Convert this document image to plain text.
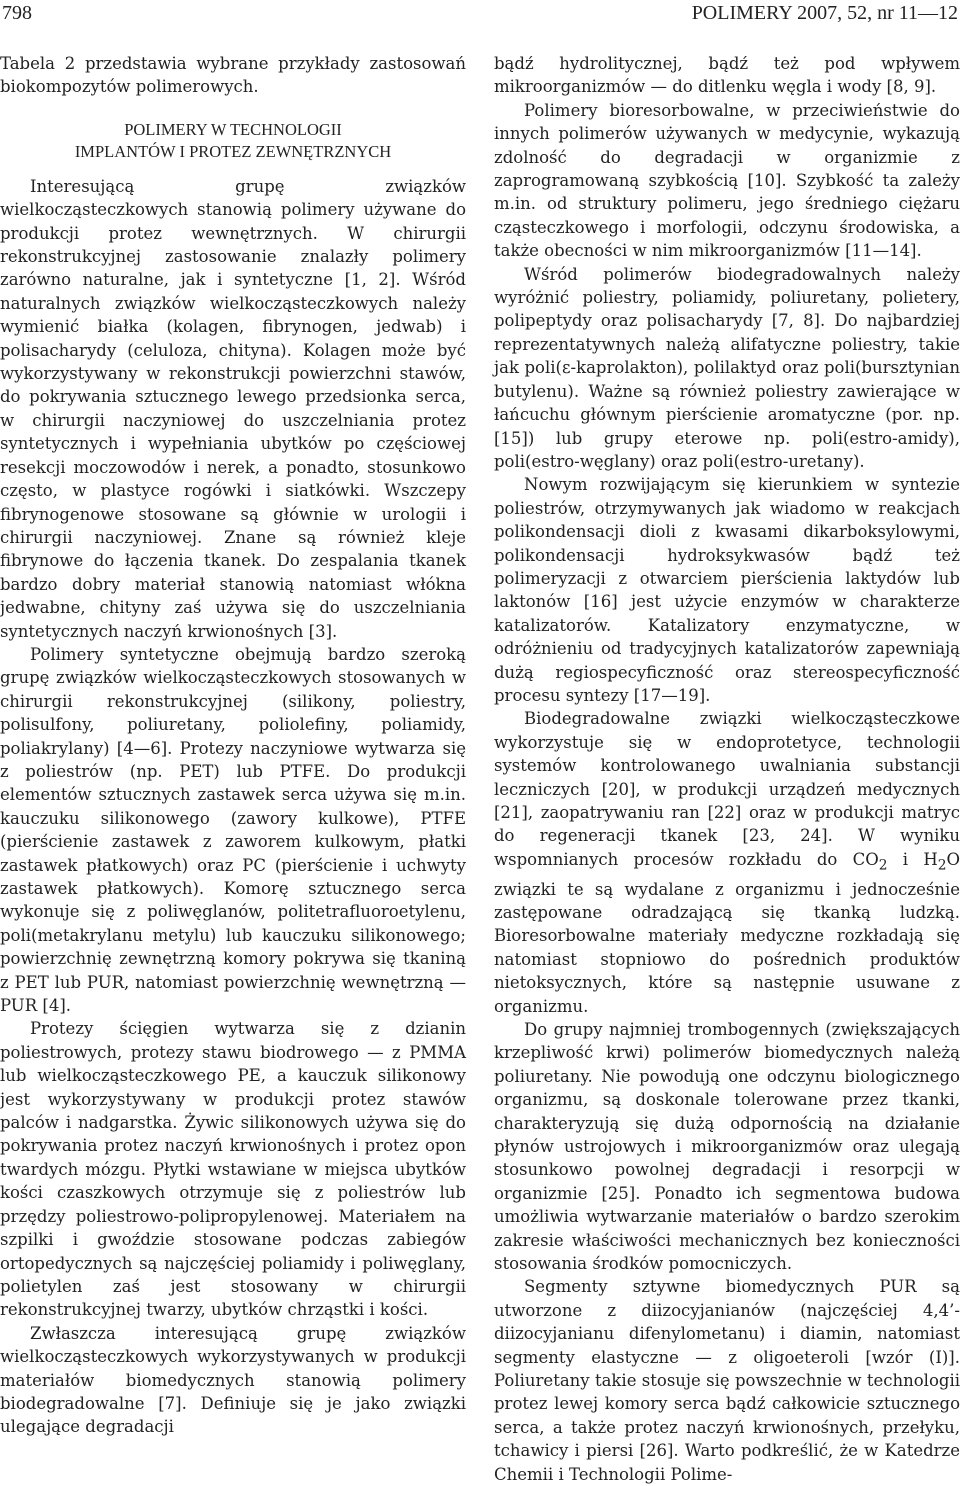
798	POLIMERY 2007, 52, nr 11—12

Tabela 2 przedstawia wybrane przykłady zastosowań biokompozytów polimerowych.

POLIMERY W TECHNOLOGII
IMPLANTÓW I PROTEZ ZEWNĘTRZNYCH

Interesującą grupę związków wielkocząsteczkowych stanowią polimery używane do produkcji protez wewnętrznych. W chirurgii rekonstrukcyjnej zastosowanie znalazły polimery zarówno naturalne, jak i syntetyczne [1, 2]. Wśród naturalnych związków wielkocząsteczkowych należy wymienić białka (kolagen, fibrynogen, jedwab) i polisacharydy (celuloza, chityna). Kolagen może być wykorzystywany w rekonstrukcji powierzchni stawów, do pokrywania sztucznego lewego przedsionka serca, w chirurgii naczyniowej do uszczelniania protez syntetycznych i wypełniania ubytków po częściowej resekcji moczowodów i nerek, a ponadto, stosunkowo często, w plastyce rogówki i siatkówki. Wszczepy fibrynogenowe stosowane są głównie w urologii i chirurgii naczyniowej. Znane są również kleje fibrynowe do łączenia tkanek. Do zespalania tkanek bardzo dobry materiał stanowią natomiast włókna jedwabne, chityny zaś używa się do uszczelniania syntetycznych naczyń krwionośnych [3].

Polimery syntetyczne obejmują bardzo szeroką grupę związków wielkocząsteczkowych stosowanych w chirurgii rekonstrukcyjnej (silikony, poliestry, polisulfony, poliuretany, poliolefiny, poliamidy, poliakrylany) [4—6]. Protezy naczyniowe wytwarza się z poliestrów (np. PET) lub PTFE. Do produkcji elementów sztucznych zastawek serca używa się m.in. kauczuku silikonowego (zawory kulkowe), PTFE (pierścienie zastawek z zaworem kulkowym, płatki zastawek płatkowych) oraz PC (pierścienie i uchwyty zastawek płatkowych). Komorę sztucznego serca wykonuje się z poliwęglanów, politetrafluoroetylenu, poli(metakrylanu metylu) lub kauczuku silikonowego; powierzchnię zewnętrzną komory pokrywa się tkaniną z PET lub PUR, natomiast powierzchnię wewnętrzną — PUR [4].

Protezy ścięgien wytwarza się z dzianin poliestrowych, protezy stawu biodrowego — z PMMA lub wielkocząsteczkowego PE, a kauczuk silikonowy jest wykorzystywany w produkcji protez stawów palców i nadgarstka. Żywic silikonowych używa się do pokrywania protez naczyń krwionośnych i protez opon twardych mózgu. Płytki wstawiane w miejsca ubytków kości czaszkowych otrzymuje się z poliestrów lub przędzy poliestrowo-polipropylenowej. Materiałem na szpilki i gwoździe stosowane podczas zabiegów ortopedycznych są najczęściej poliamidy i poliwęglany, polietylen zaś jest stosowany w chirurgii rekonstrukcyjnej twarzy, ubytków chrząstki i kości.

Zwłaszcza interesującą grupę związków wielkocząsteczkowych wykorzystywanych w produkcji materiałów biomedycznych stanowią polimery biodegradowalne [7]. Definiuje się je jako związki ulegające degradacji

bądź hydrolitycznej, bądź też pod wpływem mikroorganizmów — do ditlenku węgla i wody [8, 9].

Polimery bioresorbowalne, w przeciwieństwie do innych polimerów używanych w medycynie, wykazują zdolność do degradacji w organizmie z zaprogramowaną szybkością [10]. Szybkość ta zależy m.in. od struktury polimeru, jego średniego ciężaru cząsteczkowego i morfologii, odczynu środowiska, a także obecności w nim mikroorganizmów [11—14].

Wśród polimerów biodegradowalnych należy wyróżnić poliestry, poliamidy, poliuretany, polietery, polipeptydy oraz polisacharydy [7, 8]. Do najbardziej reprezentatywnych należą alifatyczne poliestry, takie jak poli(ε-kaprolakton), polilaktyd oraz poli(bursztynian butylenu). Ważne są również poliestry zawierające w łańcuchu głównym pierścienie aromatyczne (por. np. [15]) lub grupy eterowe np. poli(estro-amidy), poli(estro-węglany) oraz poli(estro-uretany).

Nowym rozwijającym się kierunkiem w syntezie poliestrów, otrzymywanych jak wiadomo w reakcjach polikondensacji dioli z kwasami dikarboksylowymi, polikondensacji hydroksykwasów bądź też polimeryzacji z otwarciem pierścienia laktydów lub laktonów [16] jest użycie enzymów w charakterze katalizatorów. Katalizatory enzymatyczne, w odróżnieniu od tradycyjnych katalizatorów zapewniają dużą regiospecyficzność oraz stereospecyficzność procesu syntezy [17—19].

Biodegradowalne związki wielkocząsteczkowe wykorzystuje się w endoprotetyce, technologii systemów kontrolowanego uwalniania substancji leczniczych [20], w produkcji urządzeń medycznych [21], zaopatrywaniu ran [22] oraz w produkcji matryc do regeneracji tkanek [23, 24]. W wyniku wspomnianych procesów rozkładu do $CO_2$ i $H_2O$ związki te są wydalane z organizmu i jednocześnie zastępowane odradzającą się tkanką ludzką. Bioresorbowalne materiały medyczne rozkładają się natomiast stopniowo do pośrednich produktów nietoksycznych, które są następnie usuwane z organizmu.

Do grupy najmniej trombogennych (zwiększających krzepliwość krwi) polimerów biomedycznych należą poliuretany. Nie powodują one odczynu biologicznego organizmu, są doskonale tolerowane przez tkanki, charakteryzują się dużą odpornością na działanie płynów ustrojowych i mikroorganizmów oraz ulegają stosunkowo powolnej degradacji i resorpcji w organizmie [25]. Ponadto ich segmentowa budowa umożliwia wytwarzanie materiałów o bardzo szerokim zakresie właściwości mechanicznych bez konieczności stosowania środków pomocniczych.

Segmenty sztywne biomedycznych PUR są utworzone z diizocyjanianów (najczęściej 4,4’-diizocyjanianu difenylometanu) i diamin, natomiast segmenty elastyczne — z oligoeteroli [wzór (I)]. Poliuretany takie stosuje się powszechnie w technologii protez lewej komory serca bądź całkowicie sztucznego serca, a także protez naczyń krwionośnych, przełyku, tchawicy i piersi [26]. Warto podkreślić, że w Katedrze Chemii i Technologii Polime-
